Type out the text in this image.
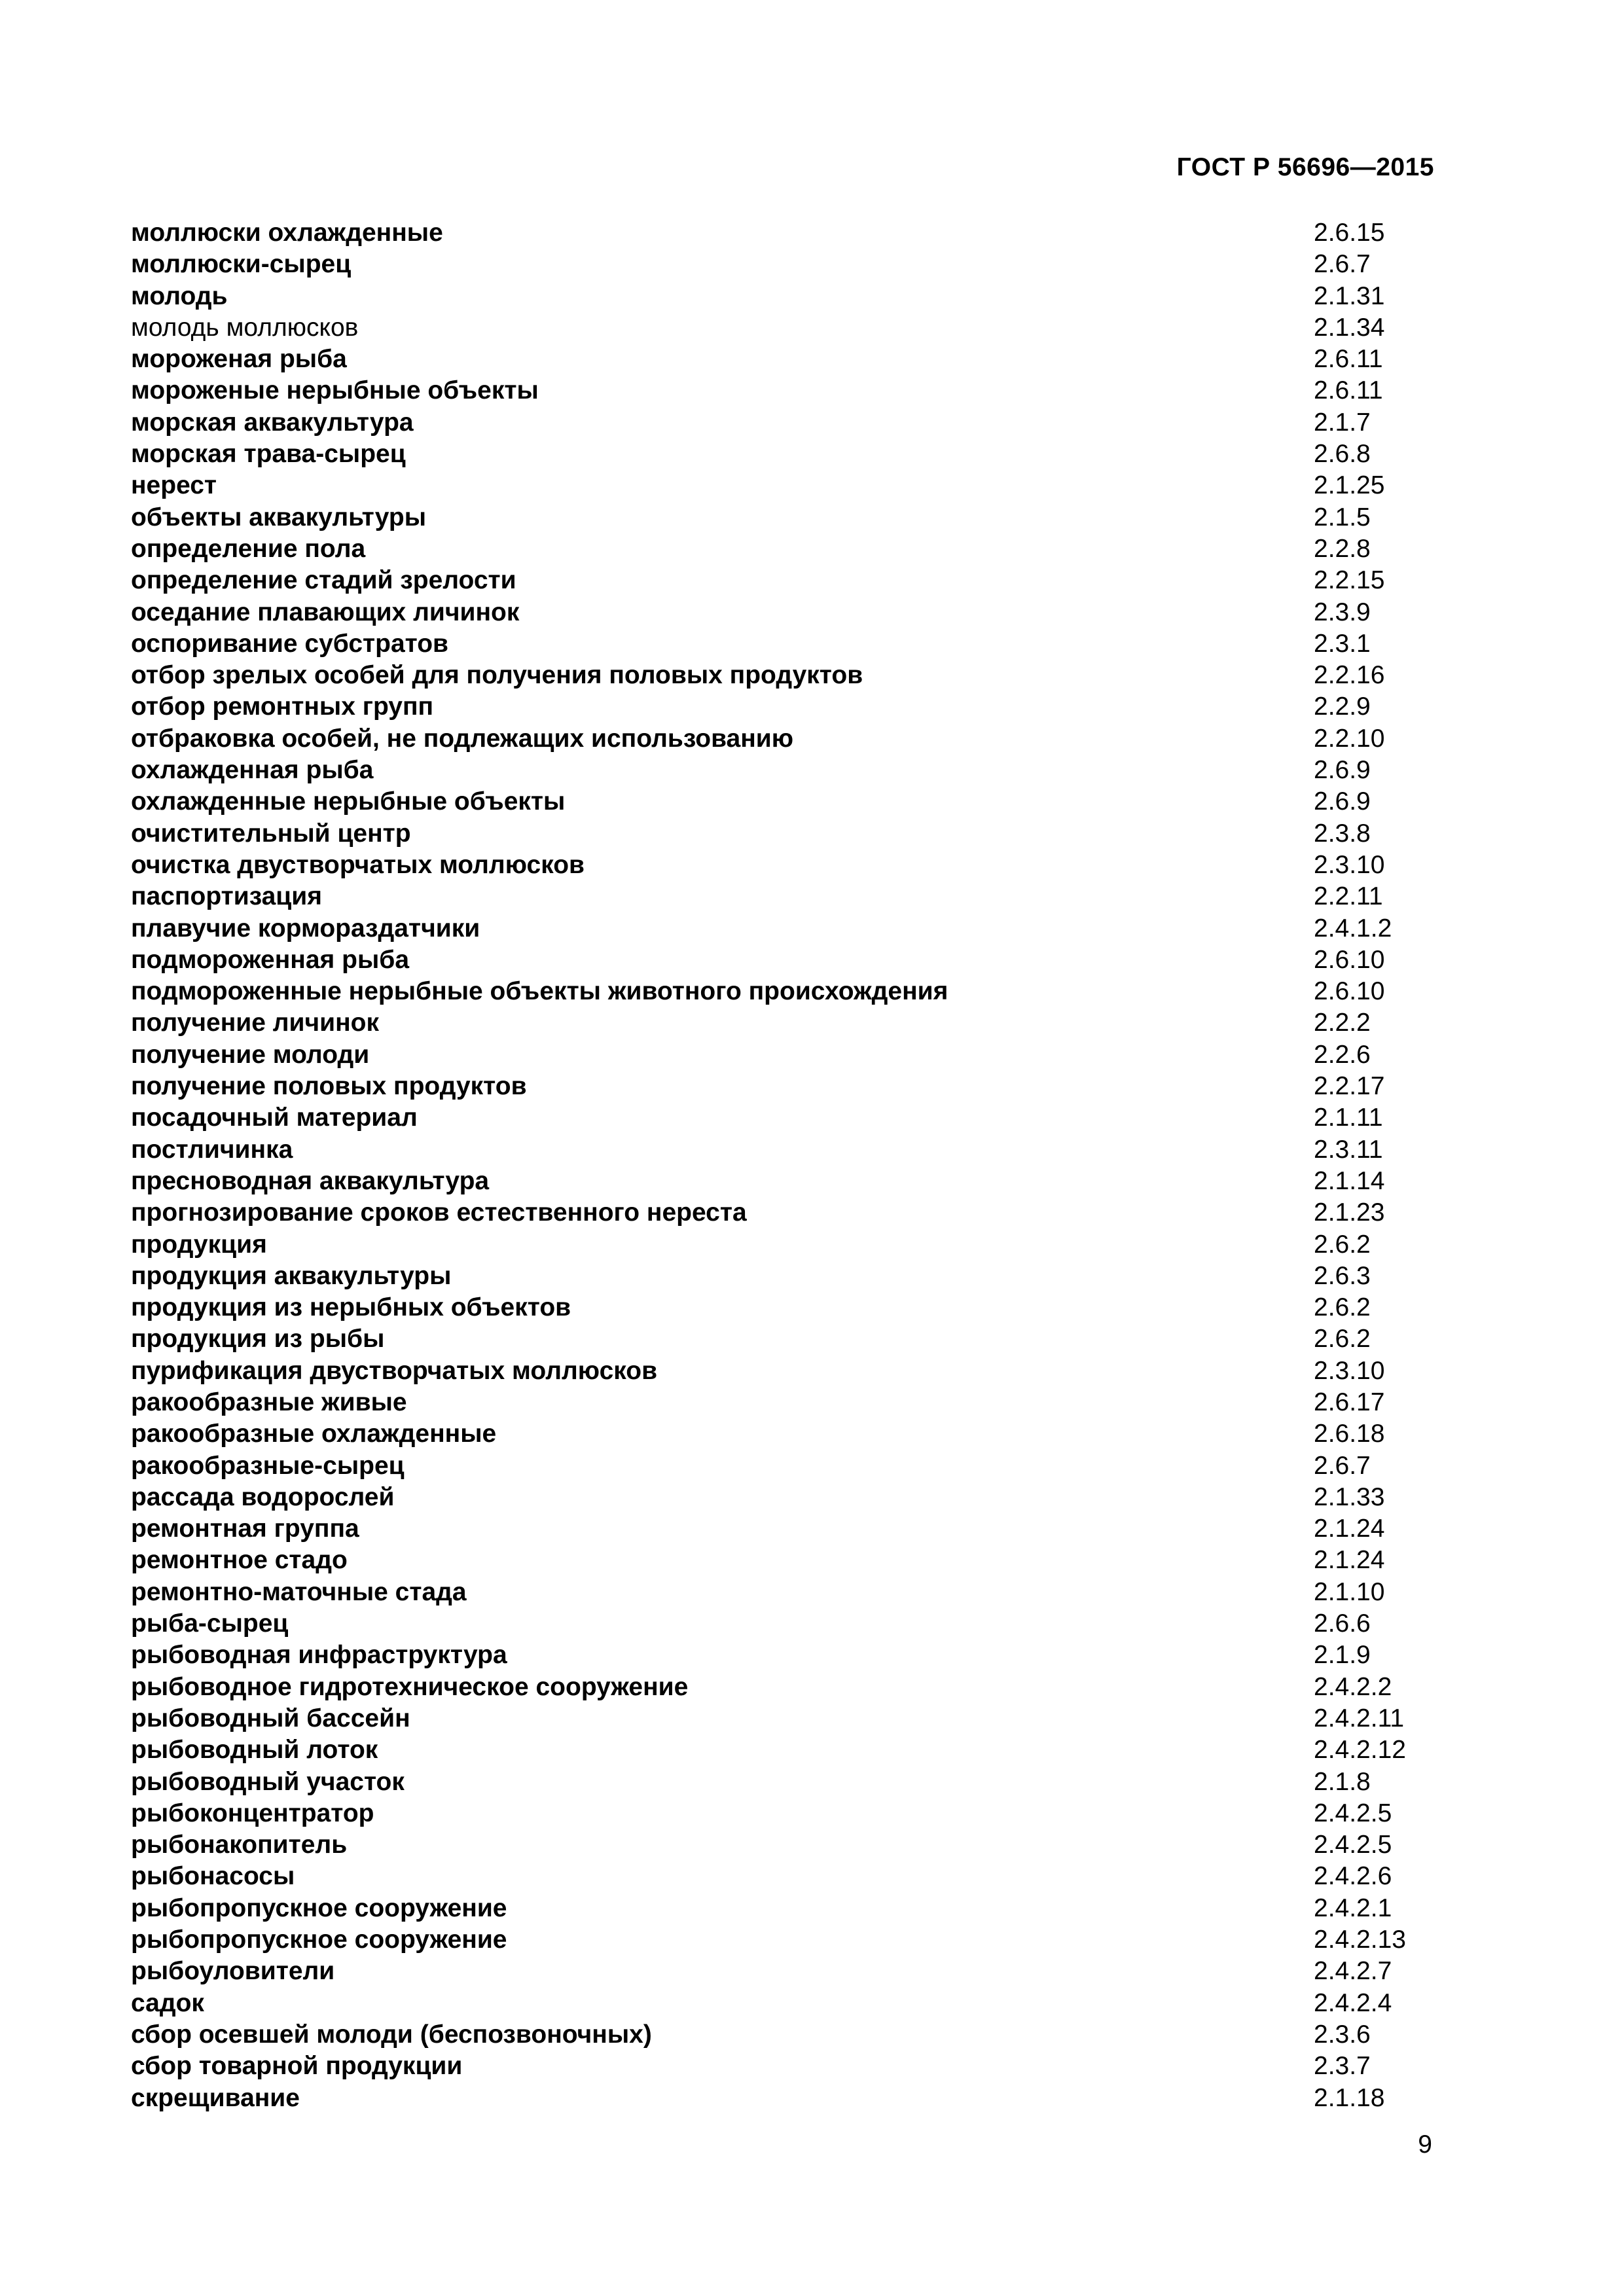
ГОСТ Р 56696—2015
моллюски охлажденные	2.6.15
моллюски-сырец	2.6.7
молодь	2.1.31
молодь моллюсков	2.1.34
мороженая рыба	2.6.11
мороженые нерыбные объекты	2.6.11
морская аквакультура	2.1.7
морская трава-сырец	2.6.8
нерест	2.1.25
объекты аквакультуры	2.1.5
определение пола	2.2.8
определение стадий зрелости	2.2.15
оседание плавающих личинок	2.3.9
оспоривание субстратов	2.3.1
отбор зрелых особей для получения половых продуктов	2.2.16
отбор ремонтных групп	2.2.9
отбраковка особей, не подлежащих использованию	2.2.10
охлажденная рыба	2.6.9
охлажденные нерыбные объекты	2.6.9
очистительный центр	2.3.8
очистка двустворчатых моллюсков	2.3.10
паспортизация	2.2.11
плавучие кормораздатчики	2.4.1.2
подмороженная рыба	2.6.10
подмороженные нерыбные объекты животного происхождения	2.6.10
получение личинок	2.2.2
получение молоди	2.2.6
получение половых продуктов	2.2.17
посадочный материал	2.1.11
постличинка	2.3.11
пресноводная аквакультура	2.1.14
прогнозирование сроков естественного нереста	2.1.23
продукция	2.6.2
продукция аквакультуры	2.6.3
продукция из нерыбных объектов	2.6.2
продукция из рыбы	2.6.2
пурификация двустворчатых моллюсков	2.3.10
ракообразные живые	2.6.17
ракообразные охлажденные	2.6.18
ракообразные-сырец	2.6.7
рассада водорослей	2.1.33
ремонтная группа	2.1.24
ремонтное стадо	2.1.24
ремонтно-маточные стада	2.1.10
рыба-сырец	2.6.6
рыбоводная инфраструктура	2.1.9
рыбоводное гидротехническое сооружение	2.4.2.2
рыбоводный бассейн	2.4.2.11
рыбоводный лоток	2.4.2.12
рыбоводный участок	2.1.8
рыбоконцентратор	2.4.2.5
рыбонакопитель	2.4.2.5
рыбонасосы	2.4.2.6
рыбопропускное сооружение	2.4.2.1
рыбопропускное сооружение	2.4.2.13
рыбоуловители	2.4.2.7
садок	2.4.2.4
сбор осевшей молоди (беспозвоночных)	2.3.6
сбор товарной продукции	2.3.7
скрещивание	2.1.18
9
